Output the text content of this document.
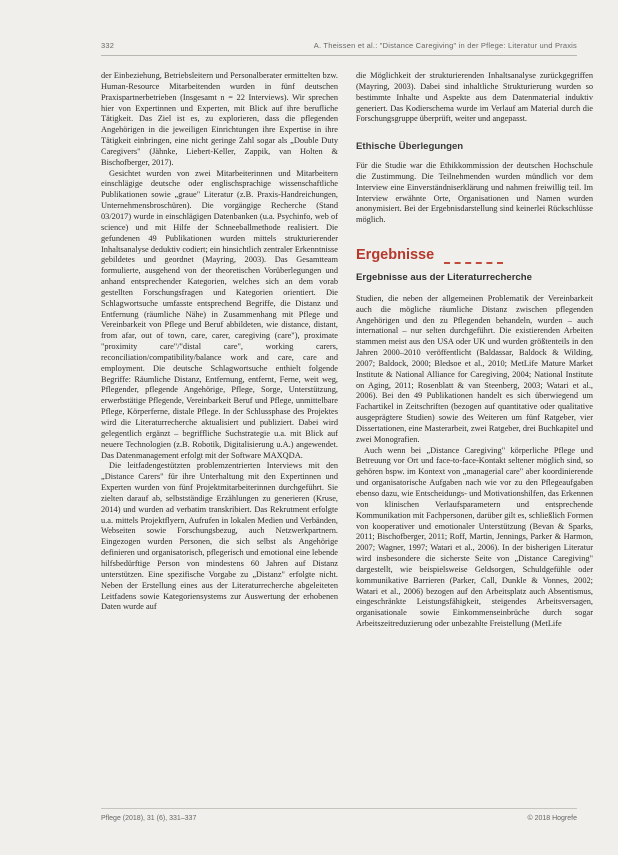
332	A. Theissen et al.: "Distance Caregiving" in der Pflege: Literatur und Praxis

der Einbeziehung, Betriebsleitern und Personalberater ermittelten bzw. Human-Resource Mitarbeitenden wurden in fünf deutschen Praxispartnerbetrieben (Insgesamt n = 22 Interviews). Wir sprechen hier von Expertinnen und Experten, mit Blick auf ihre berufliche Tätigkeit. Das Ziel ist es, zu explorieren, dass die pflegenden Angehörigen in die jeweiligen Einrichtungen ihre Expertise in ihre Tätigkeit einbringen, eine nicht geringe Zahl sogar als „Double Duty Caregivers" (Jähnke, Liebert-Keller, Zappik, van Holten & Bischofberger, 2017).

Gesichtet wurden von zwei Mitarbeiterinnen und Mitarbeitern einschlägige deutsche oder englischsprachige wissenschaftliche Publikationen sowie „graue" Literatur (z.B. Praxis-Handreichungen, Unternehmensbroschüren). Die vorgängige Recherche (Stand 03/2017) wurde in einschlägigen Datenbanken (u.a. Psychinfo, web of science) und mit Hilfe der Schneeballmethode realisiert. Die gefundenen 49 Publikationen wurden mittels strukturierender Inhaltsanalyse deduktiv codiert; ein hinsichtlich zentraler Erkenntnisse gebildetes und geordnet (Mayring, 2003). Das Gesamtteam formulierte, ausgehend von der theoretischen Vorüberlegungen und anhand entsprechender Kategorien, welches sich an dem vorab gestellten Forschungsfragen und Kategorien orientiert. Die Schlagwortsuche umfasste entsprechend Begriffe, die Distanz und Entfernung (räumliche Nähe) in Zusammenhang mit Pflege und Vereinbarkeit von Pflege und Beruf abbildeten, wie distance, distant, from afar, out of town, care, carer, caregiving (care"), proximate "proximity care"/"distal care", working carers, reconciliation/compatibility/balance work and care, care and employment. Die deutsche Schlagwortsuche enthielt folgende Begriffe: Räumliche Distanz, Entfernung, entfernt, Ferne, weit weg, Pflegender, pflegende Angehörige, Pflege, Sorge, Unterstützung, erwerbstätige Pflegende, Vereinbarkeit Beruf und Pflege, unmittelbare Pflege, Körperferne, distale Pflege. In der Schlussphase des Projektes wird die Literaturrecherche aktualisiert und publiziert. Dabei wird gelegentlich ergänzt – begriffliche Suchstrategie u.a. mit Blick auf neuere Technologien (z.B. Robotik, Digitalisierung u.A.) angewendet. Das Datenmanagement erfolgt mit der Software MAXQDA.

Die leitfadengestützten problemzentrierten Interviews mit den „Distance Carers" für ihre Unterhaltung mit den Expertinnen und Experten wurden von fünf Projektmitarbeiterinnen durchgeführt. Sie zielten darauf ab, selbstständige Erzählungen zu generieren (Kruse, 2014) und wurden ad verbatim transkribiert. Das Rekrutment erfolgte u.a. mittels Projektflyern, Aufrufen in lokalen Medien und Verbänden, Webseiten sowie Forschungsbezug, auch Netzwerkpartnern. Eingezogen wurden Personen, die sich selbst als Angehörige definieren und organisatorisch, pflegerisch und emotional eine lebende hilfsbedürftige Person von mindestens 60 Jahren auf Distanz unterstützen. Eine spezifische Vorgabe zu „Distanz" erfolgte nicht. Neben der Erstellung eines aus der Literaturrecherche abgeleiteten Leitfadens sowie Kategoriensystems zur Auswertung der erhobenen Daten wurde auf

die Möglichkeit der strukturierenden Inhaltsanalyse zurückgegriffen (Mayring, 2003). Dabei sind inhaltliche Strukturierung wurden so bestimmte Inhalte und Aspekte aus dem Datenmaterial induktiv generiert. Das Kodierschema wurde im Verlauf am Material durch die Forschungsgruppe überprüft, weiter und angepasst.

Ethische Überlegungen

Für die Studie war die Ethikkommission der deutschen Hochschule die Zustimmung. Die Teilnehmenden wurden mündlich vor dem Interview eine Einverständniserklärung und nahmen freiwillig teil. Im Interview erwähnte Orte, Organisationen und Namen wurden anonymisiert. Bei der Ergebnisdarstellung sind keinerlei Rückschlüsse möglich.

Ergebnisse
Ergebnisse aus der Literaturrecherche

Studien, die neben der allgemeinen Problematik der Vereinbarkeit auch die mögliche räumliche Distanz zwischen pflegenden Angehörigen und den zu Pflegenden behandeln, wurden – auch international – nur selten durchgeführt. Die existierenden Arbeiten stammen meist aus den USA oder UK und wurden größtenteils in den Jahren 2000–2010 veröffentlicht (Baldassar, Baldock & Wilding, 2007; Baldock, 2000; Bledsoe et al., 2010; MetLife Mature Market Institute & National Alliance for Caregiving, 2004; National Institute on Aging, 2011; Rosenblatt & van Steenberg, 2003; Watari et al., 2006). Bei den 49 Publikationen handelt es sich überwiegend um Fachartikel in Zeitschriften (bezogen auf quantitative oder qualitative ausgeprägtere Studien) sowie des Weiteren um fünf Ratgeber, vier Dissertationen, eine Masterarbeit, zwei Ratgeber, drei Buchkapitel und zwei Monografien.

Auch wenn bei „Distance Caregiving" körperliche Pflege und Betreuung vor Ort und face-to-face-Kontakt seltener möglich sind, so gehören bspw. im Kontext von „managerial care" aber koordinierende und organisatorische Aufgaben nach wie vor zu den Pflegeaufgaben ebenso dazu, wie Entscheidungs- und Motivationshilfen, das Erkennen von klinischen Verlaufsparametern und entsprechende Kommunikation mit Fachpersonen, darüber gilt es, schließlich Formen von kooperativer und emotionaler Unterstützung (Bevan & Sparks, 2011; Bischofberger, 2011; Roff, Martin, Jennings, Parker & Harmon, 2007; Wagner, 1997; Watari et al., 2006). In der bisherigen Literatur wird insbesondere die sicherste Seite von „Distance Caregiving" dargestellt, wie beispielsweise Geldsorgen, Schuldgefühle oder kommunikative Barrieren (Parker, Call, Dunkle & Vonnes, 2002; Watari et al., 2006) bezogen auf den Arbeitsplatz auch Absentismus, eingeschränkte Leistungsfähigkeit, steigendes Arbeitsversagen, organisationale sowie Einkommenseinbrüche durch sogar Arbeitszeitreduzierung oder unbezahlte Freistellung (MetLife

Pflege (2018), 31 (6), 331–337	© 2018 Hogrefe
